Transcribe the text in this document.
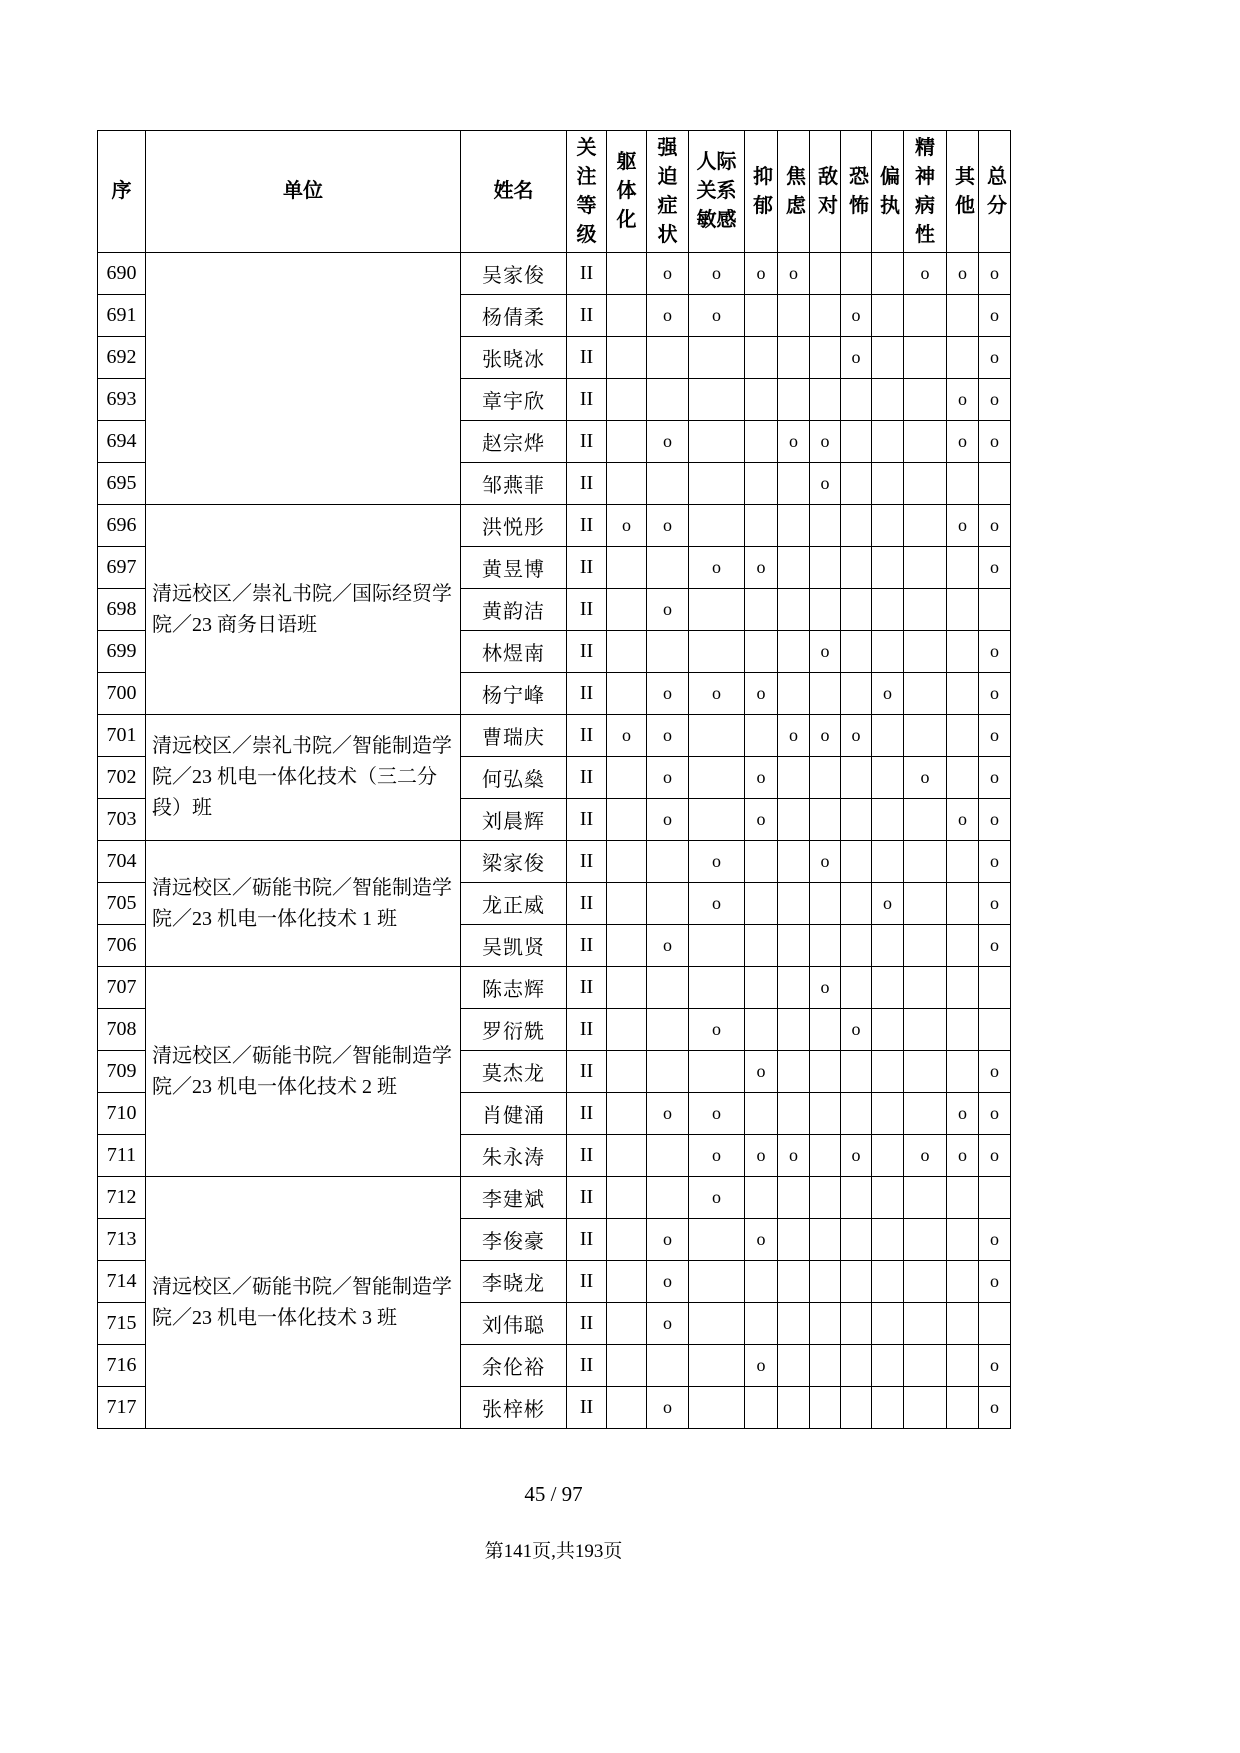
序	单位	姓名	关注等级	躯体化	强迫症状	人际关系敏感	抑郁	焦虑	敌对	恐怖	偏执	精神病性	其他	总分
690		吴家俊	II		o	o	o	o				o	o	o
691		杨倩柔	II		o	o				o				o
692		张晓冰	II							o				o
693		章宇欣	II										o	o
694		赵宗烨	II		o			o	o				o	o
695		邹燕菲	II						o					
696	清远校区／崇礼书院／国际经贸学院／23 商务日语班	洪悦彤	II	o	o								o	o
697		黄昱博	II			o	o							o
698		黄韵洁	II		o									
699		林煜南	II						o					o
700		杨宁峰	II		o	o	o				o			o
701	清远校区／崇礼书院／智能制造学院／23 机电一体化技术（三二分段）班	曹瑞庆	II	o	o			o	o	o				o
702		何弘燊	II		o		o					o		o
703		刘晨辉	II		o		o						o	o
704	清远校区／砺能书院／智能制造学院／23 机电一体化技术 1 班	梁家俊	II			o			o					o
705		龙正威	II			o					o			o
706		吴凯贤	II		o									o
707	清远校区／砺能书院／智能制造学院／23 机电一体化技术 2 班	陈志辉	II						o					
708		罗衍兟	II			o				o				
709		莫杰龙	II				o							o
710		肖健涌	II		o	o							o	o
711		朱永涛	II			o	o	o		o		o	o	o
712	清远校区／砺能书院／智能制造学院／23 机电一体化技术 3 班	李建斌	II			o								
713		李俊豪	II		o		o							o
714		李晓龙	II		o									o
715		刘伟聪	II		o									
716		余伦裕	II				o							o
717		张梓彬	II		o									o
45 / 97
第141页,共193页
